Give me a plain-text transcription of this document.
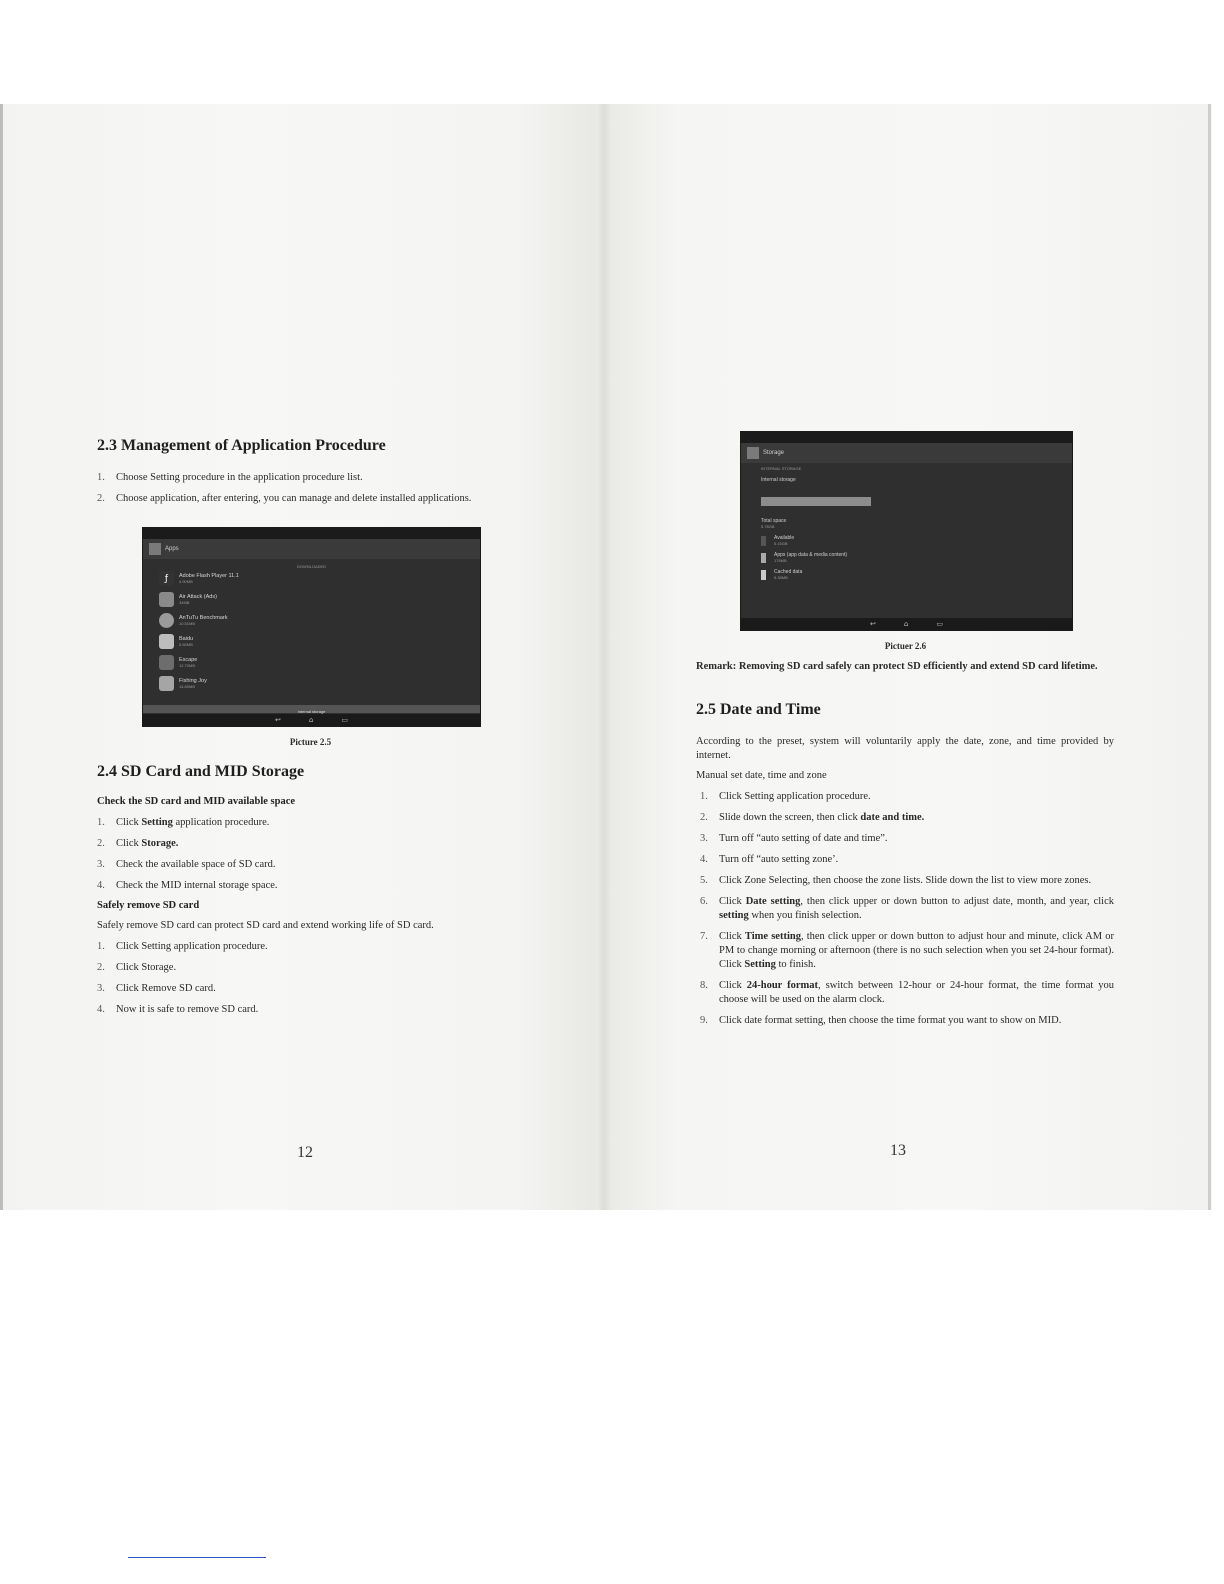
2.3 Management of Application Procedure
1. Choose Setting procedure in the application procedure list.
2. Choose application, after entering, you can manage and delete installed applications.
Apps
DOWNLOADED
ƒ	Adobe Flash Player 11.1
4.90MB
Air Attack (Ads)
34MB
AnTuTu Benchmark
10.51MB
Baidu
5.80MB
Escape
12.70MB
Fishing Joy
14.80MB
Internal storage
↩	⌂	▭
Picture 2.5
2.4 SD Card and MID Storage

Check the SD card and MID available space

1. Click Setting application procedure.
2. Click Storage.
3. Check the available space of SD card.
4. Check the MID internal storage space.

Safely remove SD card

Safely remove SD card can protect SD card and extend working life of SD card.

1. Click Setting application procedure.
2. Click Storage.
3. Click Remove SD card.
4. Now it is safe to remove SD card.
12
Storage
INTERNAL STORAGE
Internal storage
Total space
5.78GB
Available
5.15GB
Apps (app data & media content)
176MB
Cached data
5.38MB
↩	⌂	▭
Pictuer 2.6

Remark: Removing SD card safely can protect SD efficiently and extend SD card lifetime.

2.5 Date and Time

According to the preset, system will voluntarily apply the date, zone, and time provided by internet.

Manual set date, time and zone

1. Click Setting application procedure.
2. Slide down the screen, then click date and time.
3. Turn off “auto setting of date and time”.
4. Turn off “auto setting zone’.
5. Click Zone Selecting, then choose the zone lists. Slide down the list to view more zones.
6. Click Date setting, then click upper or down button to adjust date, month, and year, click setting when you finish selection.
7. Click Time setting, then click upper or down button to adjust hour and minute, click AM or PM to change morning or afternoon (there is no such selection when you set 24-hour format). Click Setting to finish.
8. Click 24-hour format, switch between 12-hour or 24-hour format, the time format you choose will be used on the alarm clock.
9. Click date format setting, then choose the time format you want to show on MID.
13
